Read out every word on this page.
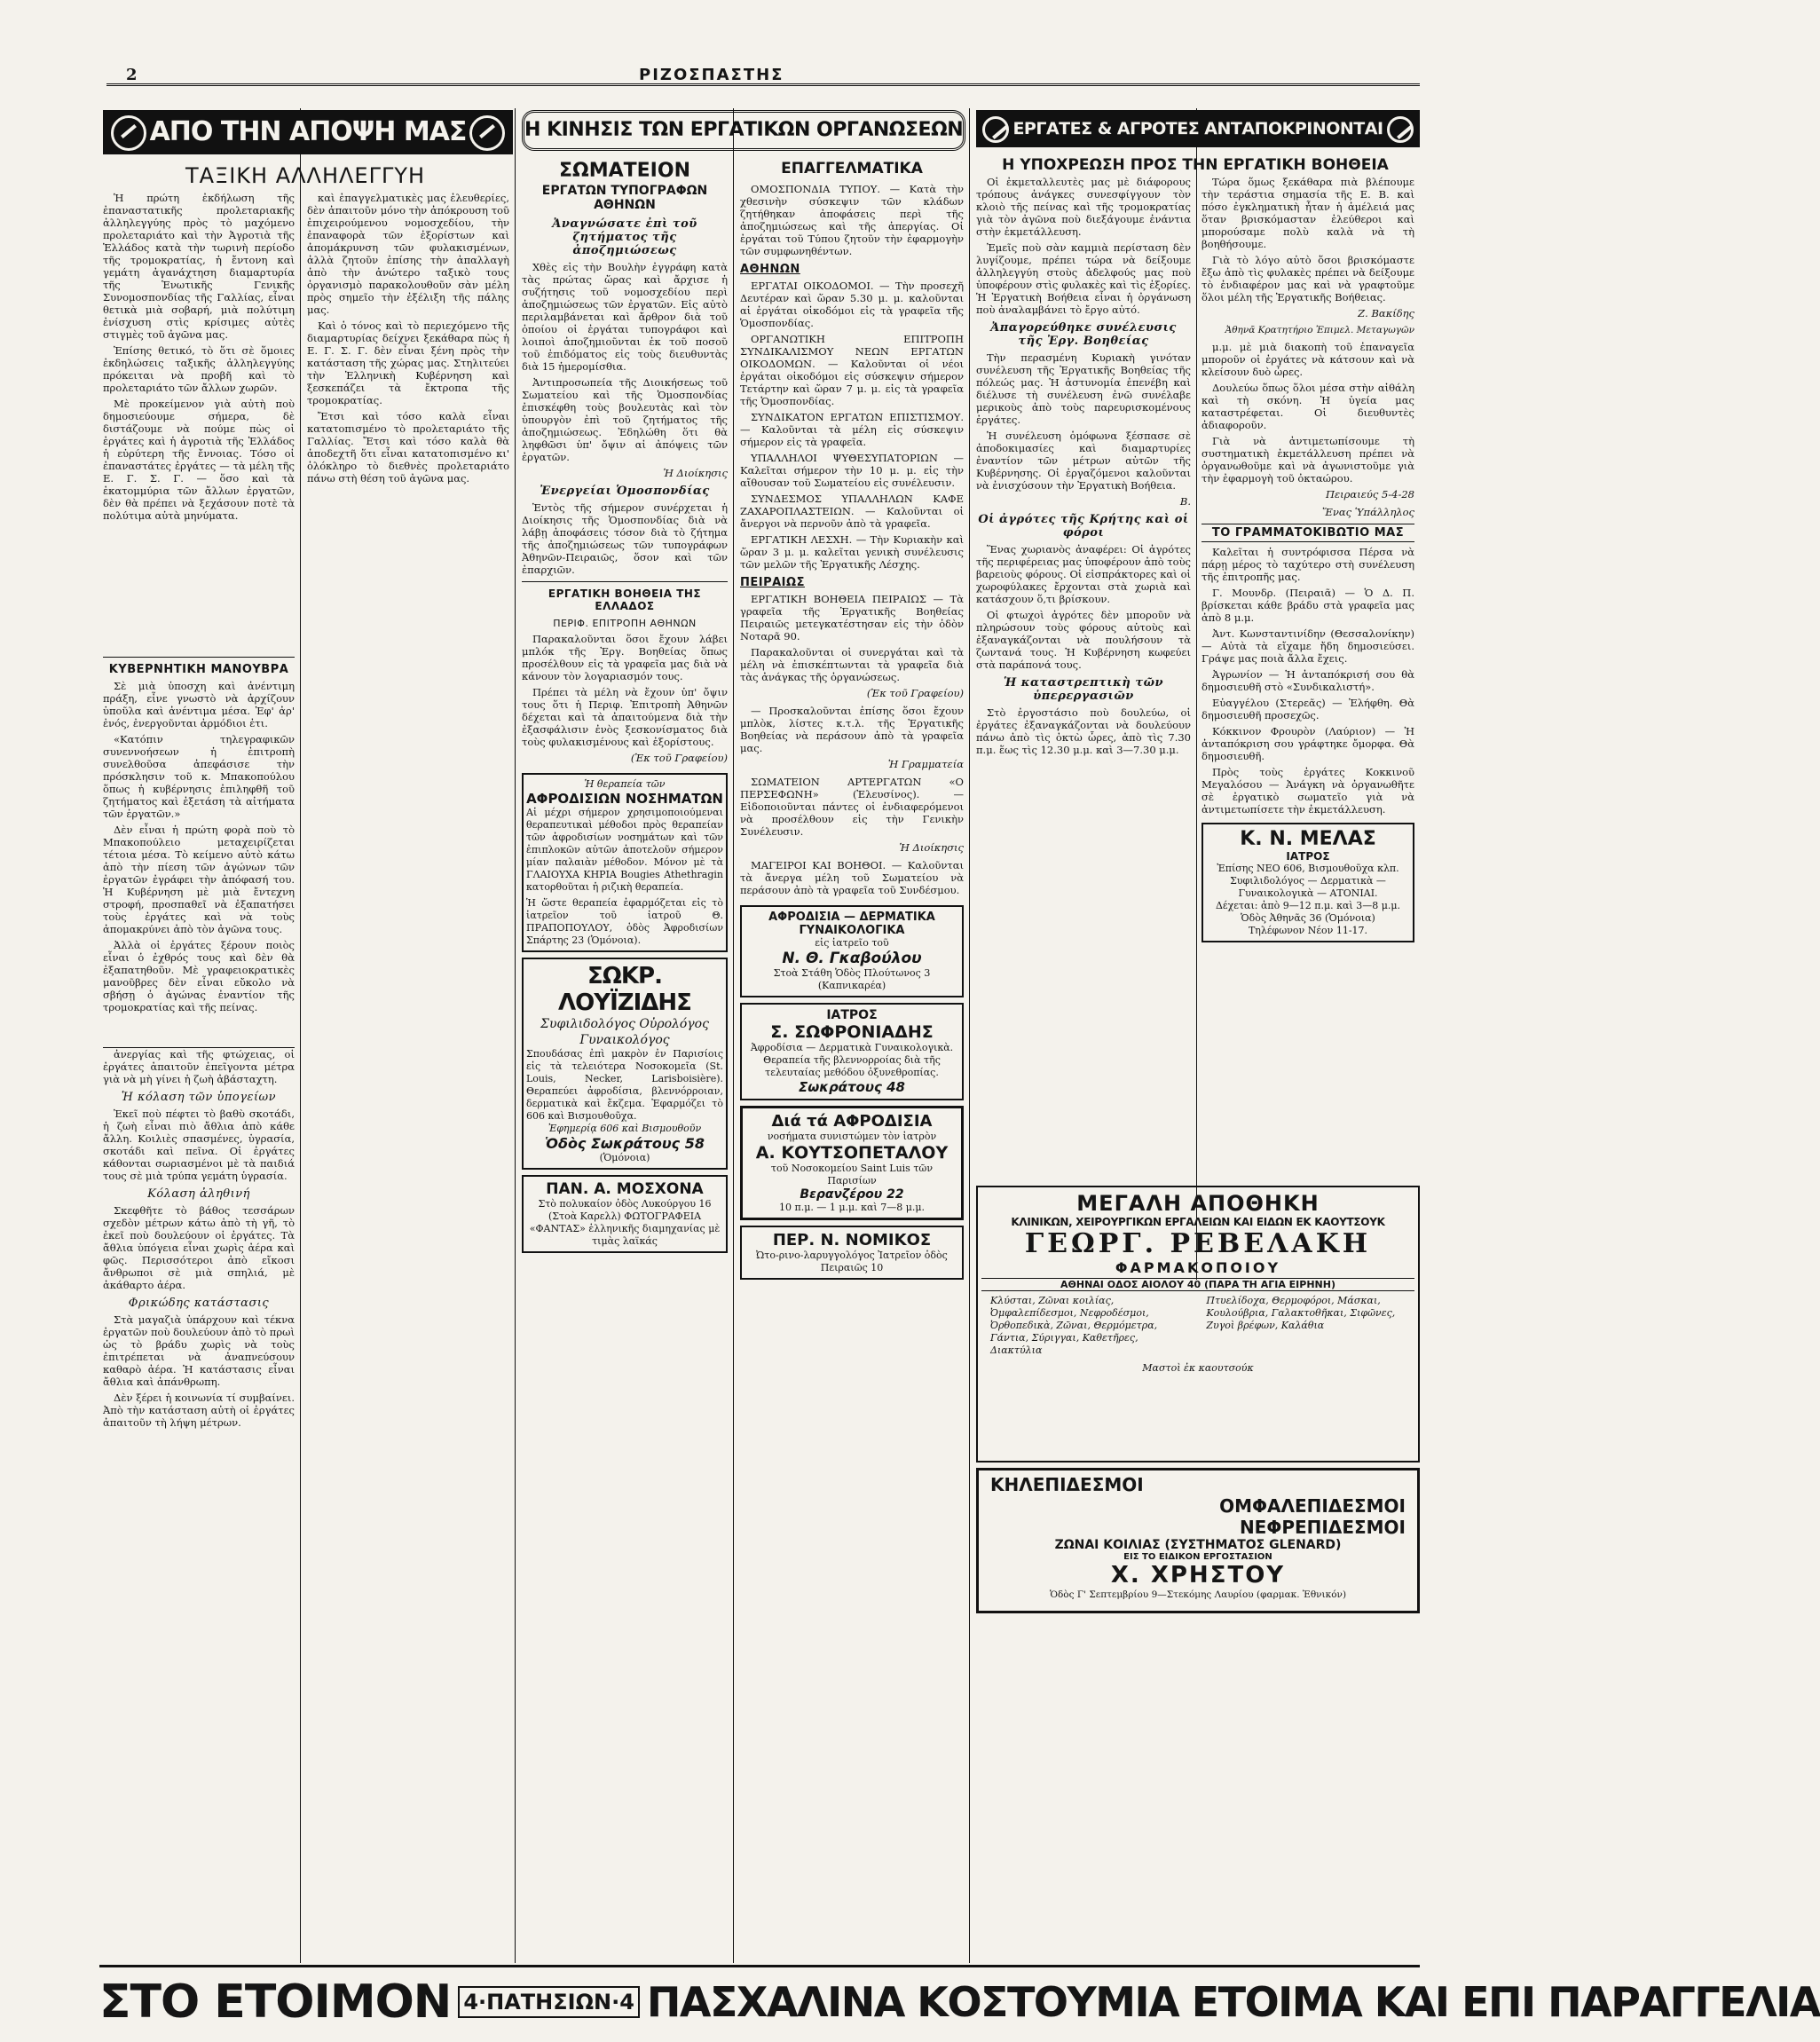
2	ΡΙΖΟΣΠΑΣΤΗΣ
ΑΠΟ ΤΗΝ ΑΠΟΨΗ ΜΑΣ
ΤΑΞΙΚΗ ΑΛΛΗΛΕΓΓΥΗ

Ἡ πρώτη ἐκδήλωση τῆς ἐπαναστατικῆς προλεταριακῆς ἀλληλεγγύης πρὸς τὸ μαχόμενο προλεταριάτο καὶ τὴν Ἀγροτιὰ τῆς Ἑλλάδος κατὰ τὴν τωρινὴ περίοδο τῆς τρομοκρατίας, ἡ ἔντονη καὶ γεμάτη ἀγανάχτηση διαμαρτυρία τῆς Ἑνωτικῆς Γενικῆς Συνομοσπονδίας τῆς Γαλλίας, εἶναι θετικὰ μιὰ σοβαρή, μιὰ πολύτιμη ἐνίσχυση στὶς κρίσιμες αὐτὲς στιγμὲς τοῦ ἀγῶνα μας.

Ἐπίσης θετικό, τὸ ὅτι σὲ ὅμοιες ἐκδηλώσεις ταξικῆς ἀλληλεγγύης πρόκειται νὰ προβῆ καὶ τὸ προλεταριάτο τῶν ἄλλων χωρῶν.

Μὲ προκείμενον γιὰ αὐτὴ ποὺ δημοσιεύουμε σήμερα, δὲ διστάζουμε νὰ πούμε πὼς οἱ ἐργάτες καὶ ἡ ἀγροτιὰ τῆς Ἑλλάδος ἡ εὐρύτερη τῆς ἔννοιας. Τόσο οἱ ἐπαναστάτες ἐργάτες — τὰ μέλη τῆς Ε. Γ. Σ. Γ. — ὅσο καὶ τὰ ἐκατομμύρια τῶν ἄλλων ἐργατῶν, δὲν θὰ πρέπει νὰ ξεχάσουν ποτὲ τὰ πολύτιμα αὐτὰ μηνύματα.

καὶ ἐπαγγελματικὲς μας ἐλευθερίες, δὲν ἀπαιτοῦν μόνο τὴν ἀπόκρουση τοῦ ἐπιχειρούμενου νομοσχεδίου, τὴν ἐπαναφορὰ τῶν ἐξορίστων καὶ ἀπομάκρυνση τῶν φυλακισμένων, ἀλλὰ ζητοῦν ἐπίσης τὴν ἀπαλλαγὴ ἀπὸ τὴν ἀνώτερο ταξικὸ τους ὀργανισμὸ παρακολουθοῦν σὰν μέλη πρὸς σημεῖο τὴν ἐξέλιξη τῆς πάλης μας.

Καὶ ὁ τόνος καὶ τὸ περιεχόμενο τῆς διαμαρτυρίας δείχνει ξεκάθαρα πὼς ἡ Ε. Γ. Σ. Γ. δὲν εἶναι ξένη πρὸς τὴν κατάσταση τῆς χώρας μας. Στηλιτεύει τὴν Ἑλληνικὴ Κυβέρνηση καὶ ξεσκεπάζει τὰ ἔκτροπα τῆς τρομοκρατίας.

Ἔτσι καὶ τόσο καλὰ εἶναι κατατοπισμένο τὸ προλεταριάτο τῆς Γαλλίας. Ἔτσι καὶ τόσο καλὰ θὰ ἀποδεχτῆ ὅτι εἶναι κατατοπισμένο κι' ὁλόκληρο τὸ διεθνὲς προλεταριάτο πάνω στὴ θέση τοῦ ἀγῶνα μας.

ΚΥΒΕΡΝΗΤΙΚΗ ΜΑΝΟΥΒΡΑ

Σὲ μιὰ ὑποσχη καὶ ἀνέντιμη πράξη, εἶνε γνωστὸ νὰ ἀρχίζουν ὑποῦλα καὶ ἀνέντιμα μέσα. Ἐφ' ἀρ' ἐνός, ἐνεργοῦνται ἀρμόδιοι ἐτι.

«Κατόπιν τηλεγραφικῶν συνεννοήσεων ἡ ἐπιτροπὴ συνελθοῦσα ἀπεφάσισε τὴν πρόσκλησιν τοῦ κ. Μπακοπούλου ὅπως ἡ κυβέρνησις ἐπιληφθῆ τοῦ ζητήματος καὶ ἐξετάση τὰ αἰτήματα τῶν ἐργατῶν.»

Δὲν εἶναι ἡ πρώτη φορὰ ποὺ τὸ Μπακοπούλειο μεταχειρίζεται τέτοια μέσα. Τὸ κείμενο αὐτὸ κάτω ἀπὸ τὴν πίεση τῶν ἀγώνων τῶν ἐργατῶν ἐγράφει τὴν ἀπόφασή του. Ἡ Κυβέρνηση μὲ μιὰ ἔντεχνη στροφή, προσπαθεῖ νὰ ἐξαπατήσει τοὺς ἐργάτες καὶ νὰ τοὺς ἀπομακρύνει ἀπὸ τὸν ἀγῶνα τους.

Ἀλλὰ οἱ ἐργάτες ξέρουν ποιὸς εἶναι ὁ ἐχθρός τους καὶ δὲν θὰ ἐξαπατηθοῦν. Μὲ γραφειοκρατικὲς μανοῦβρες δὲν εἶναι εὔκολο νὰ σβήσῃ ὁ ἀγώνας ἐναντίον τῆς τρομοκρατίας καὶ τῆς πείνας.

ἀνεργίας καὶ τῆς φτώχειας, οἱ ἐργάτες ἀπαιτοῦν ἐπεῖγοντα μέτρα γιὰ νὰ μὴ γίνει ἡ ζωὴ ἀβάσταχτη.

Ἡ κόλαση τῶν ὑπογείων

Ἐκεῖ ποὺ πέφτει τὸ βαθὺ σκοτάδι, ἡ ζωὴ εἶναι πιὸ ἄθλια ἀπὸ κάθε ἄλλη. Κοιλιὲς σπασμένες, ὑγρασία, σκοτάδι καὶ πεῖνα. Οἱ ἐργάτες κάθονται σωριασμένοι μὲ τὰ παιδιά τους σὲ μιὰ τρύπα γεμάτη ὑγρασία.

Κόλαση ἀληθινή

Σκεφθῆτε τὸ βάθος τεσσάρων σχεδὸν μέτρων κάτω ἀπὸ τὴ γῆ, τὸ ἐκεῖ ποὺ δουλεύουν οἱ ἐργάτες. Τὰ ἄθλια ὑπόγεια εἶναι χωρὶς ἀέρα καὶ φῶς. Περισσότεροι ἀπὸ εἴκοσι ἄνθρωποι σὲ μιὰ σπηλιά, μὲ ἀκάθαρτο ἀέρα.

Φρικώδης κατάστασις

Στὰ μαγαζιὰ ὑπάρχουν καὶ τέκνα ἐργατῶν ποὺ δουλεύουν ἀπὸ τὸ πρωὶ ὡς τὸ βράδυ χωρὶς νὰ τοὺς ἐπιτρέπεται νὰ ἀναπνεύσουν καθαρὸ ἀέρα. Ἡ κατάστασις εἶναι ἄθλια καὶ ἀπάνθρωπη.

Δὲν ξέρει ἡ κοινωνία τί συμβαίνει. Ἀπὸ τὴν κατάσταση αὐτὴ οἱ ἐργάτες ἀπαιτοῦν τὴ λήψη μέτρων.

Η ΚΙΝΗΣΙΣ ΤΩΝ ΕΡΓΑΤΙΚΩΝ ΟΡΓΑΝΩΣΕΩΝ
ΣΩΜΑΤΕΙΟΝ
ΕΡΓΑΤΩΝ ΤΥΠΟΓΡΑΦΩΝ ΑΘΗΝΩΝ
Ἀναγνώσατε ἐπὶ τοῦ ζητήματος τῆς ἀποζημιώσεως

Χθὲς εἰς τὴν Βουλὴν ἐγγράφη κατὰ τὰς πρώτας ὥρας καὶ ἄρχισε ἡ συζήτησις τοῦ νομοσχεδίου περὶ ἀποζημιώσεως τῶν ἐργατῶν. Εἰς αὐτὸ περιλαμβάνεται καὶ ἄρθρον διὰ τοῦ ὁποίου οἱ ἐργάται τυπογράφοι καὶ λοιποὶ ἀποζημιοῦνται ἐκ τοῦ ποσοῦ τοῦ ἐπιδόματος εἰς τοὺς διευθυντὰς διὰ 15 ἡμερομίσθια.

Ἀντιπροσωπεία τῆς Διοικήσεως τοῦ Σωματείου καὶ τῆς Ὁμοσπονδίας ἐπισκέφθη τοὺς βουλευτὰς καὶ τὸν ὑπουργὸν ἐπὶ τοῦ ζητήματος τῆς ἀποζημιώσεως. Ἐδηλώθη ὅτι θὰ ληφθῶσι ὑπ' ὄψιν αἱ ἀπόψεις τῶν ἐργατῶν.

Ἡ Διοίκησις
Ἐνεργείαι Ὁμοσπονδίας

Ἐντὸς τῆς σήμερον συνέρχεται ἡ Διοίκησις τῆς Ὁμοσπονδίας διὰ νὰ λάβῃ ἀποφάσεις τόσον διὰ τὸ ζήτημα τῆς ἀποζημιώσεως τῶν τυπογράφων Ἀθηνῶν-Πειραιῶς, ὅσον καὶ τῶν ἐπαρχιῶν.

ΕΡΓΑΤΙΚΗ ΒΟΗΘΕΙΑ ΤΗΣ ΕΛΛΑΔΟΣ
ΠΕΡΙΦ. ΕΠΙΤΡΟΠΗ ΑΘΗΝΩΝ

Παρακαλοῦνται ὅσοι ἔχουν λάβει μπλόκ τῆς Ἐργ. Βοηθείας ὅπως προσέλθουν εἰς τὰ γραφεῖα μας διὰ νὰ κάνουν τὸν λογαριασμόν τους.

Πρέπει τὰ μέλη νὰ ἔχουν ὑπ' ὄψιν τους ὅτι ἡ Περιφ. Ἐπιτροπὴ Ἀθηνῶν δέχεται καὶ τὰ ἀπαιτούμενα διὰ τὴν ἐξασφάλισιν ἐνὸς ξεσκονίσματος διὰ τοὺς φυλακισμένους καὶ ἐξορίστους.

(Ἐκ τοῦ Γραφείου)
Ἡ θεραπεία τῶν
ΑΦΡΟΔΙΣΙΩΝ ΝΟΣΗΜΑΤΩΝ
Αἱ μέχρι σήμερον χρησιμοποιούμεναι θεραπευτικαὶ μέθοδοι πρὸς θεραπείαν τῶν ἀφροδισίων νοσημάτων καὶ τῶν ἐπιπλοκῶν αὐτῶν ἀποτελοῦν σήμερον μίαν παλαιὰν μέθοδον. Μόνον μὲ τὰ ΓΛΑΙΟΥΧΑ ΚΗΡΙΑ Bougies Athethragin κατορθοῦται ἡ ριζικὴ θεραπεία.
Ἡ ὥστε θεραπεία ἐφαρμόζεται εἰς τὸ ἰατρεῖον τοῦ ἰατροῦ Θ. ΠΡΑΠΟΠΟΥΛΟΥ, ὁδὸς Ἀφροδισίων Σπάρτης 23 (Ὁμόνοια).
ΣΩΚΡ. ΛΟΥΪΖΙΔΗΣ
Συφιλιδολόγος Οὐρολόγος Γυναικολόγος
Σπουδάσας ἐπὶ μακρὸν ἐν Παρισίοις εἰς τὰ τελειότερα Νοσοκομεῖα (St. Louis, Necker, Larisboisière). Θεραπεύει ἀφροδίσια, βλεννόρροιαν, δερματικὰ καὶ ἔκζεμα. Ἐφαρμόζει τὸ 606 καὶ Βισμουθοῦχα.
Ἐφημερίᾳ 606 καὶ Βισμουθοῦν
Ὁδὸς Σωκράτους 58
(Ὁμόνοια)
ΠΑΝ. Α. ΜΟΣΧΟΝΑ
Στὸ πολυκαίον ὁδὸς Λυκούργου 16 (Στοὰ Καρελλ) ΦΩΤΟΓΡΑΦΕΙΑ «ΦΑΝΤΑΣ» ἑλληνικῆς διαμηχανίας μὲ τιμὰς λαϊκάς
ΕΠΑΓΓΕΛΜΑΤΙΚΑ

ΟΜΟΣΠΟΝΔΙΑ ΤΥΠΟΥ. — Κατὰ τὴν χθεσινὴν σύσκεψιν τῶν κλάδων ζητήθηκαν ἀποφάσεις περὶ τῆς ἀποζημιώσεως καὶ τῆς ἀπεργίας. Οἱ ἐργάται τοῦ Τύπου ζητοῦν τὴν ἐφαρμογὴν τῶν συμφωνηθέντων.

ΑΘΗΝΩΝ

ΕΡΓΑΤΑΙ ΟΙΚΟΔΟΜΟΙ. — Τὴν προσεχῆ Δευτέραν καὶ ὥραν 5.30 μ. μ. καλοῦνται αἱ ἐργάται οἰκοδόμοι εἰς τὰ γραφεῖα τῆς Ὁμοσπονδίας.

ΟΡΓΑΝΩΤΙΚΗ ΕΠΙΤΡΟΠΗ ΣΥΝΔΙΚΑΛΙΣΜΟΥ ΝΕΩΝ ΕΡΓΑΤΩΝ ΟΙΚΟΔΟΜΩΝ. — Καλοῦνται οἱ νέοι ἐργάται οἰκοδόμοι εἰς σύσκεψιν σήμερον Τετάρτην καὶ ὥραν 7 μ. μ. εἰς τὰ γραφεῖα τῆς Ὁμοσπονδίας.

ΣΥΝΔΙΚΑΤΟΝ ΕΡΓΑΤΩΝ ΕΠΙΣΤΙΣΜΟΥ. — Καλοῦνται τὰ μέλη εἰς σύσκεψιν σήμερον εἰς τὰ γραφεῖα.

ΥΠΑΛΛΗΛΟΙ ΨΥΘΕΣΥΠΑΤΟΡΙΩΝ — Καλεῖται σήμερον τὴν 10 μ. μ. εἰς τὴν αἴθουσαν τοῦ Σωματείου εἰς συνέλευσιν.

ΣΥΝΔΕΣΜΟΣ ΥΠΑΛΛΗΛΩΝ ΚΑΦΕ ΖΑΧΑΡΟΠΛΑΣΤΕΙΩΝ. — Καλοῦνται οἱ ἄνεργοι νὰ περνοῦν ἀπὸ τὰ γραφεῖα.

ΕΡΓΑΤΙΚΗ ΛΕΣΧΗ. — Τὴν Κυριακὴν καὶ ὥραν 3 μ. μ. καλεῖται γενικὴ συνέλευσις τῶν μελῶν τῆς Ἐργατικῆς Λέσχης.

ΠΕΙΡΑΙΩΣ

ΕΡΓΑΤΙΚΗ ΒΟΗΘΕΙΑ ΠΕΙΡΑΙΩΣ — Τὰ γραφεῖα τῆς Ἐργατικῆς Βοηθείας Πειραιῶς μετεγκατέστησαν εἰς τὴν ὁδὸν Νοταρᾶ 90.

Παρακαλοῦνται οἱ συνεργάται καὶ τὰ μέλη νὰ ἐπισκέπτωνται τὰ γραφεῖα διὰ τὰς ἀνάγκας τῆς ὀργανώσεως.

(Ἐκ τοῦ Γραφείου)

— Προσκαλοῦνται ἐπίσης ὅσοι ἔχουν μπλὸκ, λίστες κ.τ.λ. τῆς Ἐργατικῆς Βοηθείας νὰ περάσουν ἀπὸ τὰ γραφεῖα μας.

Ἡ Γραμματεία

ΣΩΜΑΤΕΙΟΝ ΑΡΤΕΡΓΑΤΩΝ «Ο ΠΕΡΣΕΦΩΝΗ» (Ἐλευσίνος). — Εἰδοποιοῦνται πάντες οἱ ἐνδιαφερόμενοι νὰ προσέλθουν εἰς τὴν Γενικὴν Συνέλευσιν.

Ἡ Διοίκησις

ΜΑΓΕΙΡΟΙ ΚΑΙ ΒΟΗΘΟΙ. — Καλοῦνται τὰ ἄνεργα μέλη τοῦ Σωματείου νὰ περάσουν ἀπὸ τὰ γραφεῖα τοῦ Συνδέσμου.

ΑΦΡΟΔΙΣΙΑ — ΔΕΡΜΑΤΙΚΑ ΓΥΝΑΙΚΟΛΟΓΙΚΑ
εἰς ἰατρεῖο τοῦ
Ν. Θ. Γκαβούλου
Στοὰ Στάθη Ὁδὸς Πλούτωνος 3 (Καπνικαρέα)
ΙΑΤΡΟΣ
Σ. ΣΩΦΡΟΝΙΑΔΗΣ
Ἀφροδίσια — Δερματικὰ Γυναικολογικὰ. Θεραπεία τῆς βλεννορροίας διὰ τῆς τελευταίας μεθόδου ὀξυνεθροπίας.
Σωκράτους 48
Διά τά ΑΦΡΟΔΙΣΙΑ
νοσήματα συνιστώμεν τὸν ἰατρὸν
Α. ΚΟΥΤΣΟΠΕΤΑΛΟΥ
τοῦ Νοσοκομείου Saint Luis τῶν Παρισίων
Βερανζέρου 22
10 π.μ. — 1 μ.μ. καὶ 7—8 μ.μ.
ΠΕΡ. Ν. ΝΟΜΙΚΟΣ
Ὠτο-ρινο-λαρυγγολόγος Ἰατρεῖον ὁδὸς Πειραιῶς 10
ΕΡΓΑΤΕΣ & ΑΓΡΟΤΕΣ ΑΝΤΑΠΟΚΡΙΝΟΝΤΑΙ
Η ΥΠΟΧΡΕΩΣΗ ΠΡΟΣ ΤΗΝ ΕΡΓΑΤΙΚΗ ΒΟΗΘΕΙΑ

Οἱ ἐκμεταλλευτὲς μας μὲ διάφορους τρόπους ἀνάγκες συνεσφίγγουν τὸν κλοιὸ τῆς πείνας καὶ τῆς τρομοκρατίας γιὰ τὸν ἀγῶνα ποὺ διεξάγουμε ἐνάντια στὴν ἐκμετάλλευση.

Ἐμεῖς ποὺ σὰν καμμιὰ περίσταση δὲν λυγίζουμε, πρέπει τώρα νὰ δείξουμε ἀλληλεγγύη στοὺς ἀδελφούς μας ποὺ ὑποφέρουν στὶς φυλακὲς καὶ τὶς ἐξορίες. Ἡ Ἐργατικὴ Βοήθεια εἶναι ἡ ὀργάνωση ποὺ ἀναλαμβάνει τὸ ἔργο αὐτό.

Ἀπαγορεύθηκε συνέλευσις τῆς Ἐργ. Βοηθείας

Τὴν περασμένη Κυριακὴ γινόταν συνέλευση τῆς Ἐργατικῆς Βοηθείας τῆς πόλεώς μας. Ἡ ἀστυνομία ἐπενέβη καὶ διέλυσε τὴ συνέλευση ἐνῶ συνέλαβε μερικοὺς ἀπὸ τοὺς παρευρισκομένους ἐργάτες.

Ἡ συνέλευση ὁμόφωνα ξέσπασε σὲ ἀποδοκιμασίες καὶ διαμαρτυρίες ἐναντίον τῶν μέτρων αὐτῶν τῆς Κυβέρνησης. Οἱ ἐργαζόμενοι καλοῦνται νὰ ἐνισχύσουν τὴν Ἐργατικὴ Βοήθεια.

Β.
Οἱ ἀγρότες τῆς Κρήτης καὶ οἱ φόροι

Ἕνας χωριανὸς ἀναφέρει: Οἱ ἀγρότες τῆς περιφέρειας μας ὑποφέρουν ἀπὸ τοὺς βαρειοὺς φόρους. Οἱ εἰσπράκτορες καὶ οἱ χωροφύλακες ἔρχονται στὰ χωριὰ καὶ κατάσχουν ὅ,τι βρίσκουν.

Οἱ φτωχοὶ ἀγρότες δὲν μποροῦν νὰ πληρώσουν τοὺς φόρους αὐτοὺς καὶ ἐξαναγκάζονται νὰ πουλήσουν τὰ ζωντανά τους. Ἡ Κυβέρνηση κωφεύει στὰ παράπονά τους.

Ἡ καταστρεπτικὴ τῶν ὑπερεργασιῶν

Στὸ ἐργοστάσιο ποὺ δουλεύω, οἱ ἐργάτες ἐξαναγκάζονται νὰ δουλεύουν πάνω ἀπὸ τὶς ὀκτὼ ὧρες, ἀπὸ τὶς 7.30 π.μ. ἕως τὶς 12.30 μ.μ. καὶ 3—7.30 μ.μ.

Τώρα ὅμως ξεκάθαρα πιὰ βλέπουμε τὴν τεράστια σημασία τῆς Ε. Β. καὶ πόσο ἐγκληματικὴ ἦταν ἡ ἀμέλειά μας ὅταν βρισκόμασταν ἐλεύθεροι καὶ μπορούσαμε πολὺ καλὰ νὰ τὴ βοηθήσουμε.

Γιὰ τὸ λόγο αὐτὸ ὅσοι βρισκόμαστε ἔξω ἀπὸ τὶς φυλακὲς πρέπει νὰ δείξουμε τὸ ἐνδιαφέρον μας καὶ νὰ γραφτοῦμε ὅλοι μέλη τῆς Ἐργατικῆς Βοήθειας.

Ζ. Βακίδης
Ἀθηνᾶ Κρατητήριο Ἐπιμελ. Μεταγωγῶν

μ.μ. μὲ μιὰ διακοπὴ τοῦ ἐπαναγεῖα μποροῦν οἱ ἐργάτες νὰ κάτσουν καὶ νὰ κλείσουν δυὸ ὧρες.

Δουλεύω ὅπως ὅλοι μέσα στὴν αἰθάλη καὶ τὴ σκόνη. Ἡ ὑγεία μας καταστρέφεται. Οἱ διευθυντὲς ἀδιαφοροῦν.

Γιὰ νὰ ἀντιμετωπίσουμε τὴ συστηματικὴ ἐκμετάλλευση πρέπει νὰ ὀργανωθοῦμε καὶ νὰ ἀγωνιστοῦμε γιὰ τὴν ἐφαρμογὴ τοῦ ὀκταώρου.

Πειραιεύς 5-4-28
Ἕνας Ὑπάλληλος
ΤΟ ΓΡΑΜΜΑΤΟΚΙΒΩΤΙΟ ΜΑΣ

Καλεῖται ἡ συντρόφισσα Πέρσα νὰ πάρῃ μέρος τὸ ταχύτερο στὴ συνέλευση τῆς ἐπιτροπῆς μας.

Γ. Μουνδρ. (Πειραιᾶ) — Ὁ Δ. Π. βρίσκεται κάθε βράδυ στὰ γραφεῖα μας ἀπὸ 8 μ.μ.

Ἀντ. Κωνσταντινίδην (Θεσσαλονίκην) — Αὐτὰ τὰ εἴχαμε ἤδη δημοσιεύσει. Γράψε μας ποιὰ ἄλλα ἔχεις.

Ἀγρωνίον — Ἡ ἀνταπόκρισή σου θὰ δημοσιευθῆ στὸ «Συνδικαλιστή».

Εὐαγγέλου (Στερεᾶς) — Ἐλήφθη. Θὰ δημοσιευθῆ προσεχῶς.

Κόκκινον Φρουρὸν (Λαύριον) — Ἡ ἀνταπόκριση σου γράφτηκε ὄμορφα. Θὰ δημοσιευθῆ.

Πρὸς τοὺς ἐργάτες Κοκκινοῦ Μεγαλόσου — Ἀνάγκη νὰ ὀργανωθῆτε σὲ ἐργατικὸ σωματεῖο γιὰ νὰ ἀντιμετωπίσετε τὴν ἐκμετάλλευση.

Κ. Ν. ΜΕΛΑΣ
ΙΑΤΡΟΣ
Ἐπίσης ΝΕΟ 606, Βισμουθοῦχα κλπ. Συφιλιδολόγος — Δερματικὰ — Γυναικολογικὰ — ΑΤΟΝΙΑΙ.
Δέχεται: ἀπὸ 9—12 π.μ. καὶ 3—8 μ.μ. Ὁδὸς Ἀθηνᾶς 36 (Ὁμόνοια)
Τηλέφωνον Νέον 11-17.
ΜΕΓΑΛΗ ΑΠΟΘΗΚΗ
ΚΛΙΝΙΚΩΝ, ΧΕΙΡΟΥΡΓΙΚΩΝ ΕΡΓΑΛΕΙΩΝ ΚΑΙ ΕΙΔΩΝ ΕΚ ΚΑΟΥΤΣΟΥΚ
ΓΕΩΡΓ. ΡΕΒΕΛΑΚΗ
ΦΑΡΜΑΚΟΠΟΙΟΥ
ΑΘΗΝΑΙ ΟΔΟΣ ΑΙΟΛΟΥ 40 (ΠΑΡΑ ΤΗ ΑΓΙΑ ΕΙΡΗΝΗ)
Κλύσται, Ζῶναι κοιλίας, Ὀμφαλεπίδεσμοι, Νεφροδέσμοι, Ὀρθοπεδικὰ, Ζῶναι, Θερμόμετρα, Γάντια, Σύριγγαι, Καθετῆρες, Διακτύλια
Πτυελίδοχα, Θερμοφόροι, Μάσκαι, Κουλούβρια, Γαλακτοθῆκαι, Σιφῶνες, Ζυγοὶ βρέφων, Καλάθια
Μαστοὶ ἐκ καουτσούκ
ΚΗΛΕΠΙΔΕΣΜΟΙ
ΟΜΦΑΛΕΠΙΔΕΣΜΟΙ
ΝΕΦΡΕΠΙΔΕΣΜΟΙ
ΖΩΝΑΙ ΚΟΙΛΙΑΣ (ΣΥΣΤΗΜΑΤΟΣ GLENARD)
ΕΙΣ ΤΟ ΕΙΔΙΚΟΝ ΕΡΓΟΣΤΑΣΙΟΝ
Χ. ΧΡΗΣΤΟΥ
Ὁδὸς Γ' Σεπτεμβρίου 9—Στεκόμης Λαυρίου (φαρμακ. Ἐθνικόν)
ΣΤΟ ΕΤΟΙΜΟΝ 4·ΠΑΤΗΣΙΩΝ·4 ΠΑΣΧΑΛΙΝΑ ΚΟΣΤΟΥΜΙΑ ΕΤΟΙΜΑ ΚΑΙ ΕΠΙ ΠΑΡΑΓΓΕΛΙΑ
